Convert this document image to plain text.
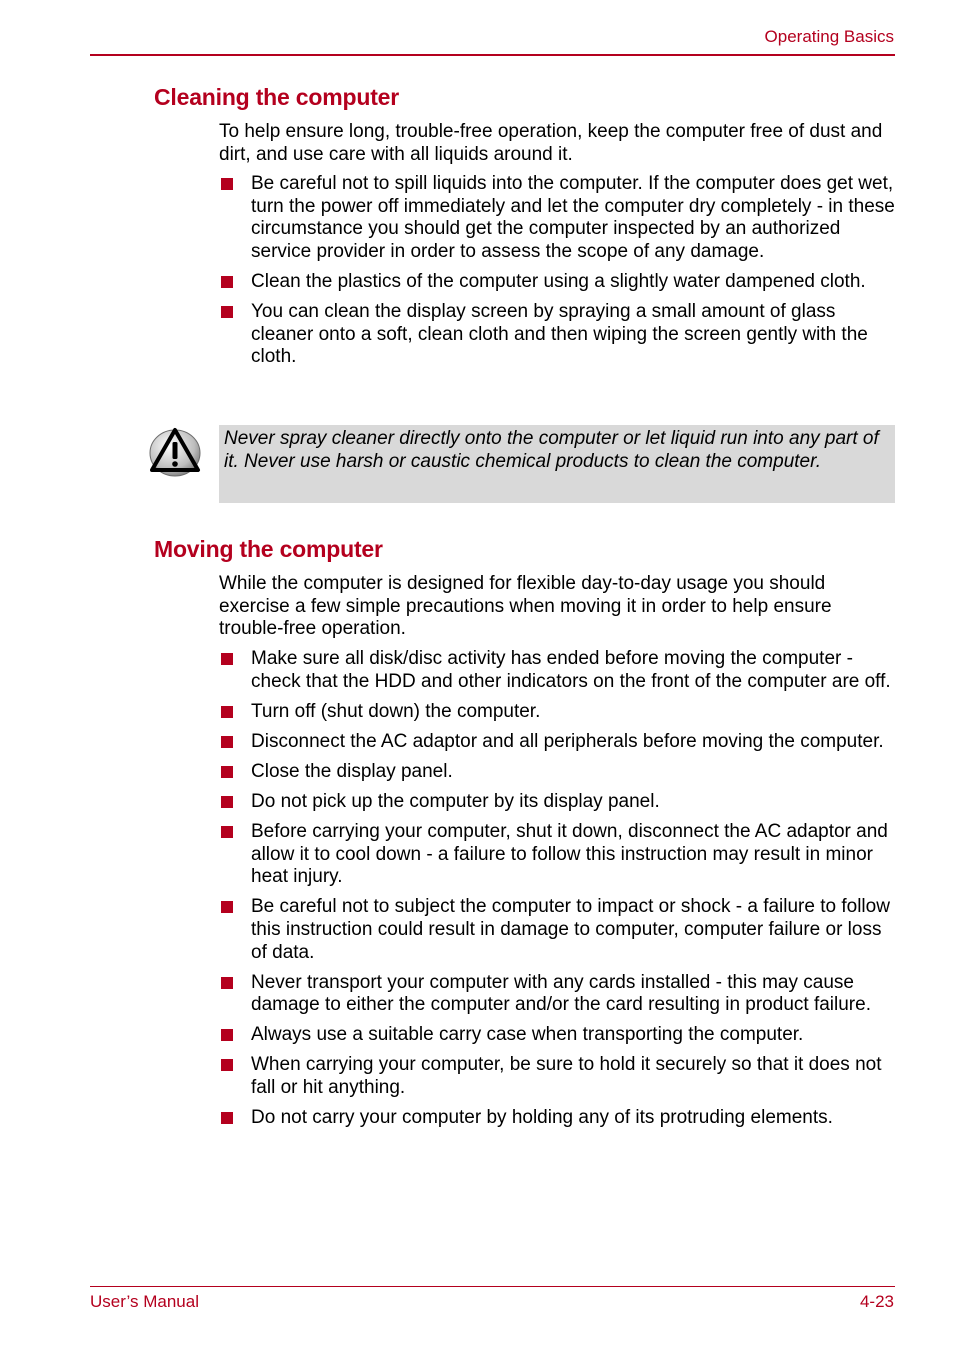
Operating Basics
Cleaning the computer

To help ensure long, trouble-free operation, keep the computer free of dust and dirt, and use care with all liquids around it.

Be careful not to spill liquids into the computer. If the computer does get wet, turn the power off immediately and let the computer dry completely - in these circumstance you should get the computer inspected by an authorized service provider in order to assess the scope of any damage.
Clean the plastics of the computer using a slightly water dampened cloth.
You can clean the display screen by spraying a small amount of glass cleaner onto a soft, clean cloth and then wiping the screen gently with the cloth.

Never spray cleaner directly onto the computer or let liquid run into any part of it. Never use harsh or caustic chemical products to clean the computer.

Moving the computer

While the computer is designed for flexible day-to-day usage you should exercise a few simple precautions when moving it in order to help ensure trouble-free operation.

Make sure all disk/disc activity has ended before moving the computer - check that the HDD and other indicators on the front of the computer are off.
Turn off (shut down) the computer.
Disconnect the AC adaptor and all peripherals before moving the computer.
Close the display panel.
Do not pick up the computer by its display panel.
Before carrying your computer, shut it down, disconnect the AC adaptor and allow it to cool down - a failure to follow this instruction may result in minor heat injury.
Be careful not to subject the computer to impact or shock - a failure to follow this instruction could result in damage to computer, computer failure or loss of data.
Never transport your computer with any cards installed - this may cause damage to either the computer and/or the card resulting in product failure.
Always use a suitable carry case when transporting the computer.
When carrying your computer, be sure to hold it securely so that it does not fall or hit anything.
Do not carry your computer by holding any of its protruding elements.
User’s Manual	4-23
